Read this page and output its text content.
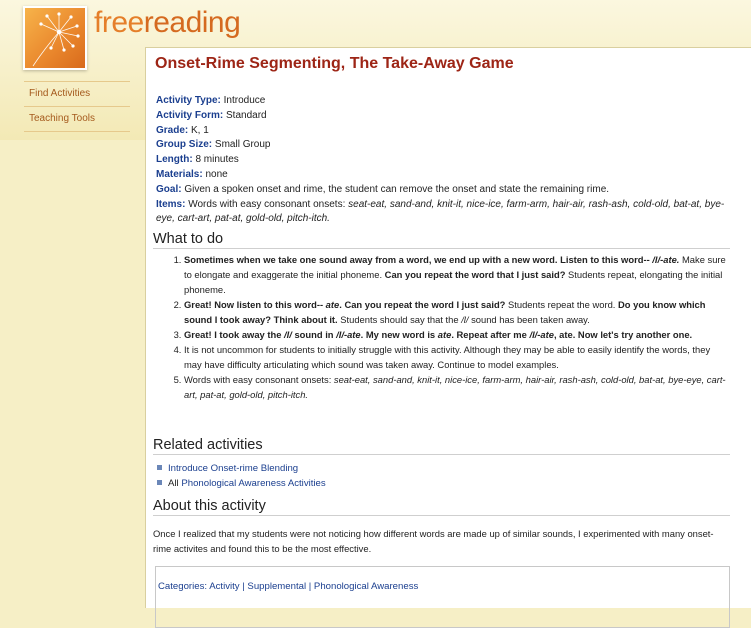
freereading
Find Activities
Teaching Tools
Onset-Rime Segmenting, The Take-Away Game

Activity Type: Introduce

Activity Form: Standard

Grade: K, 1

Group Size: Small Group

Length: 8 minutes

Materials: none

Goal: Given a spoken onset and rime, the student can remove the onset and state the remaining rime.

Items: Words with easy consonant onsets: seat-eat, sand-and, knit-it, nice-ice, farm-arm, hair-air, rash-ash, cold-old, bat-at, bye-eye, cart-art, pat-at, gold-old, pitch-itch.

What to do
1. Sometimes when we take one sound away from a word, we end up with a new word. Listen to this word-- /l/-ate. Make sure to elongate and exaggerate the initial phoneme. Can you repeat the word that I just said? Students repeat, elongating the initial phoneme.
2. Great! Now listen to this word-- ate. Can you repeat the word I just said? Students repeat the word. Do you know which sound I took away? Think about it. Students should say that the /l/ sound has been taken away.
3. Great! I took away the /l/ sound in /l/-ate. My new word is ate. Repeat after me /l/-ate, ate. Now let's try another one.
4. It is not uncommon for students to initially struggle with this activity. Although they may be able to easily identify the words, they may have difficulty articulating which sound was taken away. Continue to model examples.
5. Words with easy consonant onsets: seat-eat, sand-and, knit-it, nice-ice, farm-arm, hair-air, rash-ash, cold-old, bat-at, bye-eye, cart-art, pat-at, gold-old, pitch-itch.
Related activities
Introduce Onset-rime Blending
All Phonological Awareness Activities
About this activity
Once I realized that my students were not noticing how different words are made up of similar sounds, I experimented with many onset-rime activites and found this to be the most effective.
Categories: Activity | Supplemental | Phonological Awareness
